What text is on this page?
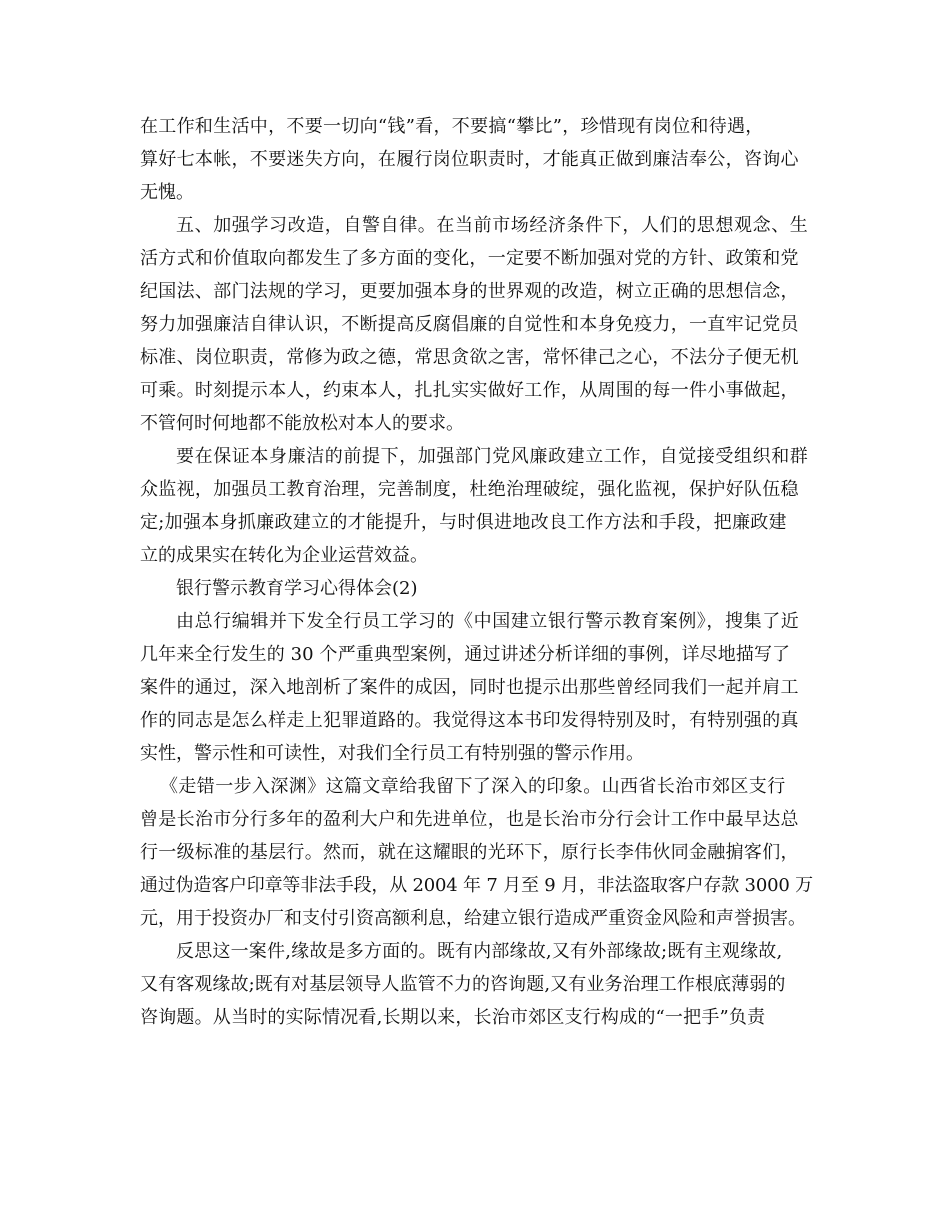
在工作和生活中，不要一切向“钱”看，不要搞“攀比”，珍惜现有岗位和待遇，
算好七本帐，不要迷失方向，在履行岗位职责时，才能真正做到廉洁奉公，咨询心
无愧。
五、加强学习改造，自警自律。在当前市场经济条件下，人们的思想观念、生
活方式和价值取向都发生了多方面的变化，一定要不断加强对党的方针、政策和党
纪国法、部门法规的学习，更要加强本身的世界观的改造，树立正确的思想信念，
努力加强廉洁自律认识，不断提高反腐倡廉的自觉性和本身免疫力，一直牢记党员
标准、岗位职责，常修为政之德，常思贪欲之害，常怀律己之心，不法分子便无机
可乘。时刻提示本人，约束本人，扎扎实实做好工作，从周围的每一件小事做起，
不管何时何地都不能放松对本人的要求。
要在保证本身廉洁的前提下，加强部门党风廉政建立工作，自觉接受组织和群
众监视，加强员工教育治理，完善制度，杜绝治理破绽，强化监视，保护好队伍稳
定;加强本身抓廉政建立的才能提升，与时俱进地改良工作方法和手段，把廉政建
立的成果实在转化为企业运营效益。
银行警示教育学习心得体会(2)
由总行编辑并下发全行员工学习的《中国建立银行警示教育案例》，搜集了近
几年来全行发生的 30 个严重典型案例，通过讲述分析详细的事例，详尽地描写了
案件的通过，深入地剖析了案件的成因，同时也提示出那些曾经同我们一起并肩工
作的同志是怎么样走上犯罪道路的。我觉得这本书印发得特别及时，有特别强的真
实性，警示性和可读性，对我们全行员工有特别强的警示作用。
《走错一步入深渊》这篇文章给我留下了深入的印象。山西省长治市郊区支行
曾是长治市分行多年的盈利大户和先进单位，也是长治市分行会计工作中最早达总
行一级标准的基层行。然而，就在这耀眼的光环下，原行长李伟伙同金融掮客们，
通过伪造客户印章等非法手段，从 2004 年 7 月至 9 月，非法盗取客户存款 3000 万
元，用于投资办厂和支付引资高额利息，给建立银行造成严重资金风险和声誉损害。
反思这一案件,缘故是多方面的。既有内部缘故,又有外部缘故;既有主观缘故,
又有客观缘故;既有对基层领导人监管不力的咨询题,又有业务治理工作根底薄弱的
咨询题。从当时的实际情况看,长期以来，长治市郊区支行构成的“一把手”负责
